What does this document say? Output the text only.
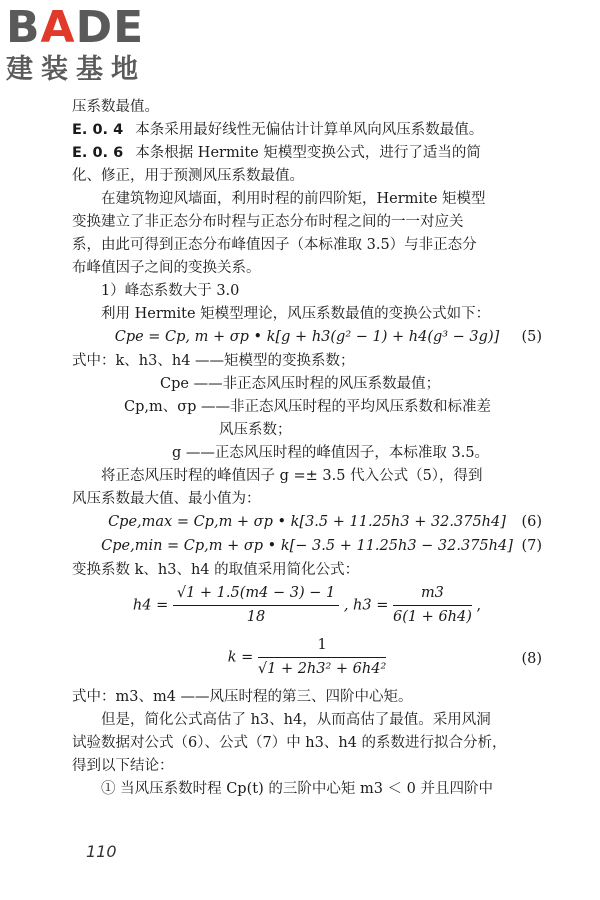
BADE
建装基地

压系数最值。

E. 0. 4 本条采用最好线性无偏估计计算单风向风压系数最值。

E. 0. 6 本条根据 Hermite 矩模型变换公式，进行了适当的简

化、修正，用于预测风压系数最值。

在建筑物迎风墙面，利用时程的前四阶矩，Hermite 矩模型

变换建立了非正态分布时程与正态分布时程之间的一一对应关

系，由此可得到正态分布峰值因子（本标准取 3.5）与非正态分

布峰值因子之间的变换关系。

1）峰态系数大于 3.0

利用 Hermite 矩模型理论，风压系数最值的变换公式如下：

Cpe = Cp, m + σp • k[g + h3(g² − 1) + h4(g³ − 3g)]	(5)

式中：k、h3、h4 ——矩模型的变换系数；

Cpe ——非正态风压时程的风压系数最值；

Cp,m、σp ——非正态风压时程的平均风压系数和标准差

风压系数；

g ——正态风压时程的峰值因子，本标准取 3.5。

将正态风压时程的峰值因子 g =± 3.5 代入公式（5），得到

风压系数最大值、最小值为：

Cpe,max = Cp,m + σp • k[3.5 + 11.25h3 + 32.375h4]	(6)
Cpe,min = Cp,m + σp • k[− 3.5 + 11.25h3 − 32.375h4] (7)

变换系数 k、h3、h4 的取值采用简化公式：

$h4 = \frac{√1 + 1.5(m4 - 3) - 1}{18}$ , $h3 = \frac{m3}{6(1 + 6h4)}$ ,
$k = \frac{1}{\text{√1 + 2h3² + 6h4²}}$	(8)

式中：m3、m4 ——风压时程的第三、四阶中心矩。

但是，简化公式高估了 h3、h4，从而高估了最值。采用风洞

试验数据对公式（6）、公式（7）中 h3、h4 的系数进行拟合分析，

得到以下结论：

① 当风压系数时程 Cp(t) 的三阶中心矩 m3 ＜ 0 并且四阶中

110
